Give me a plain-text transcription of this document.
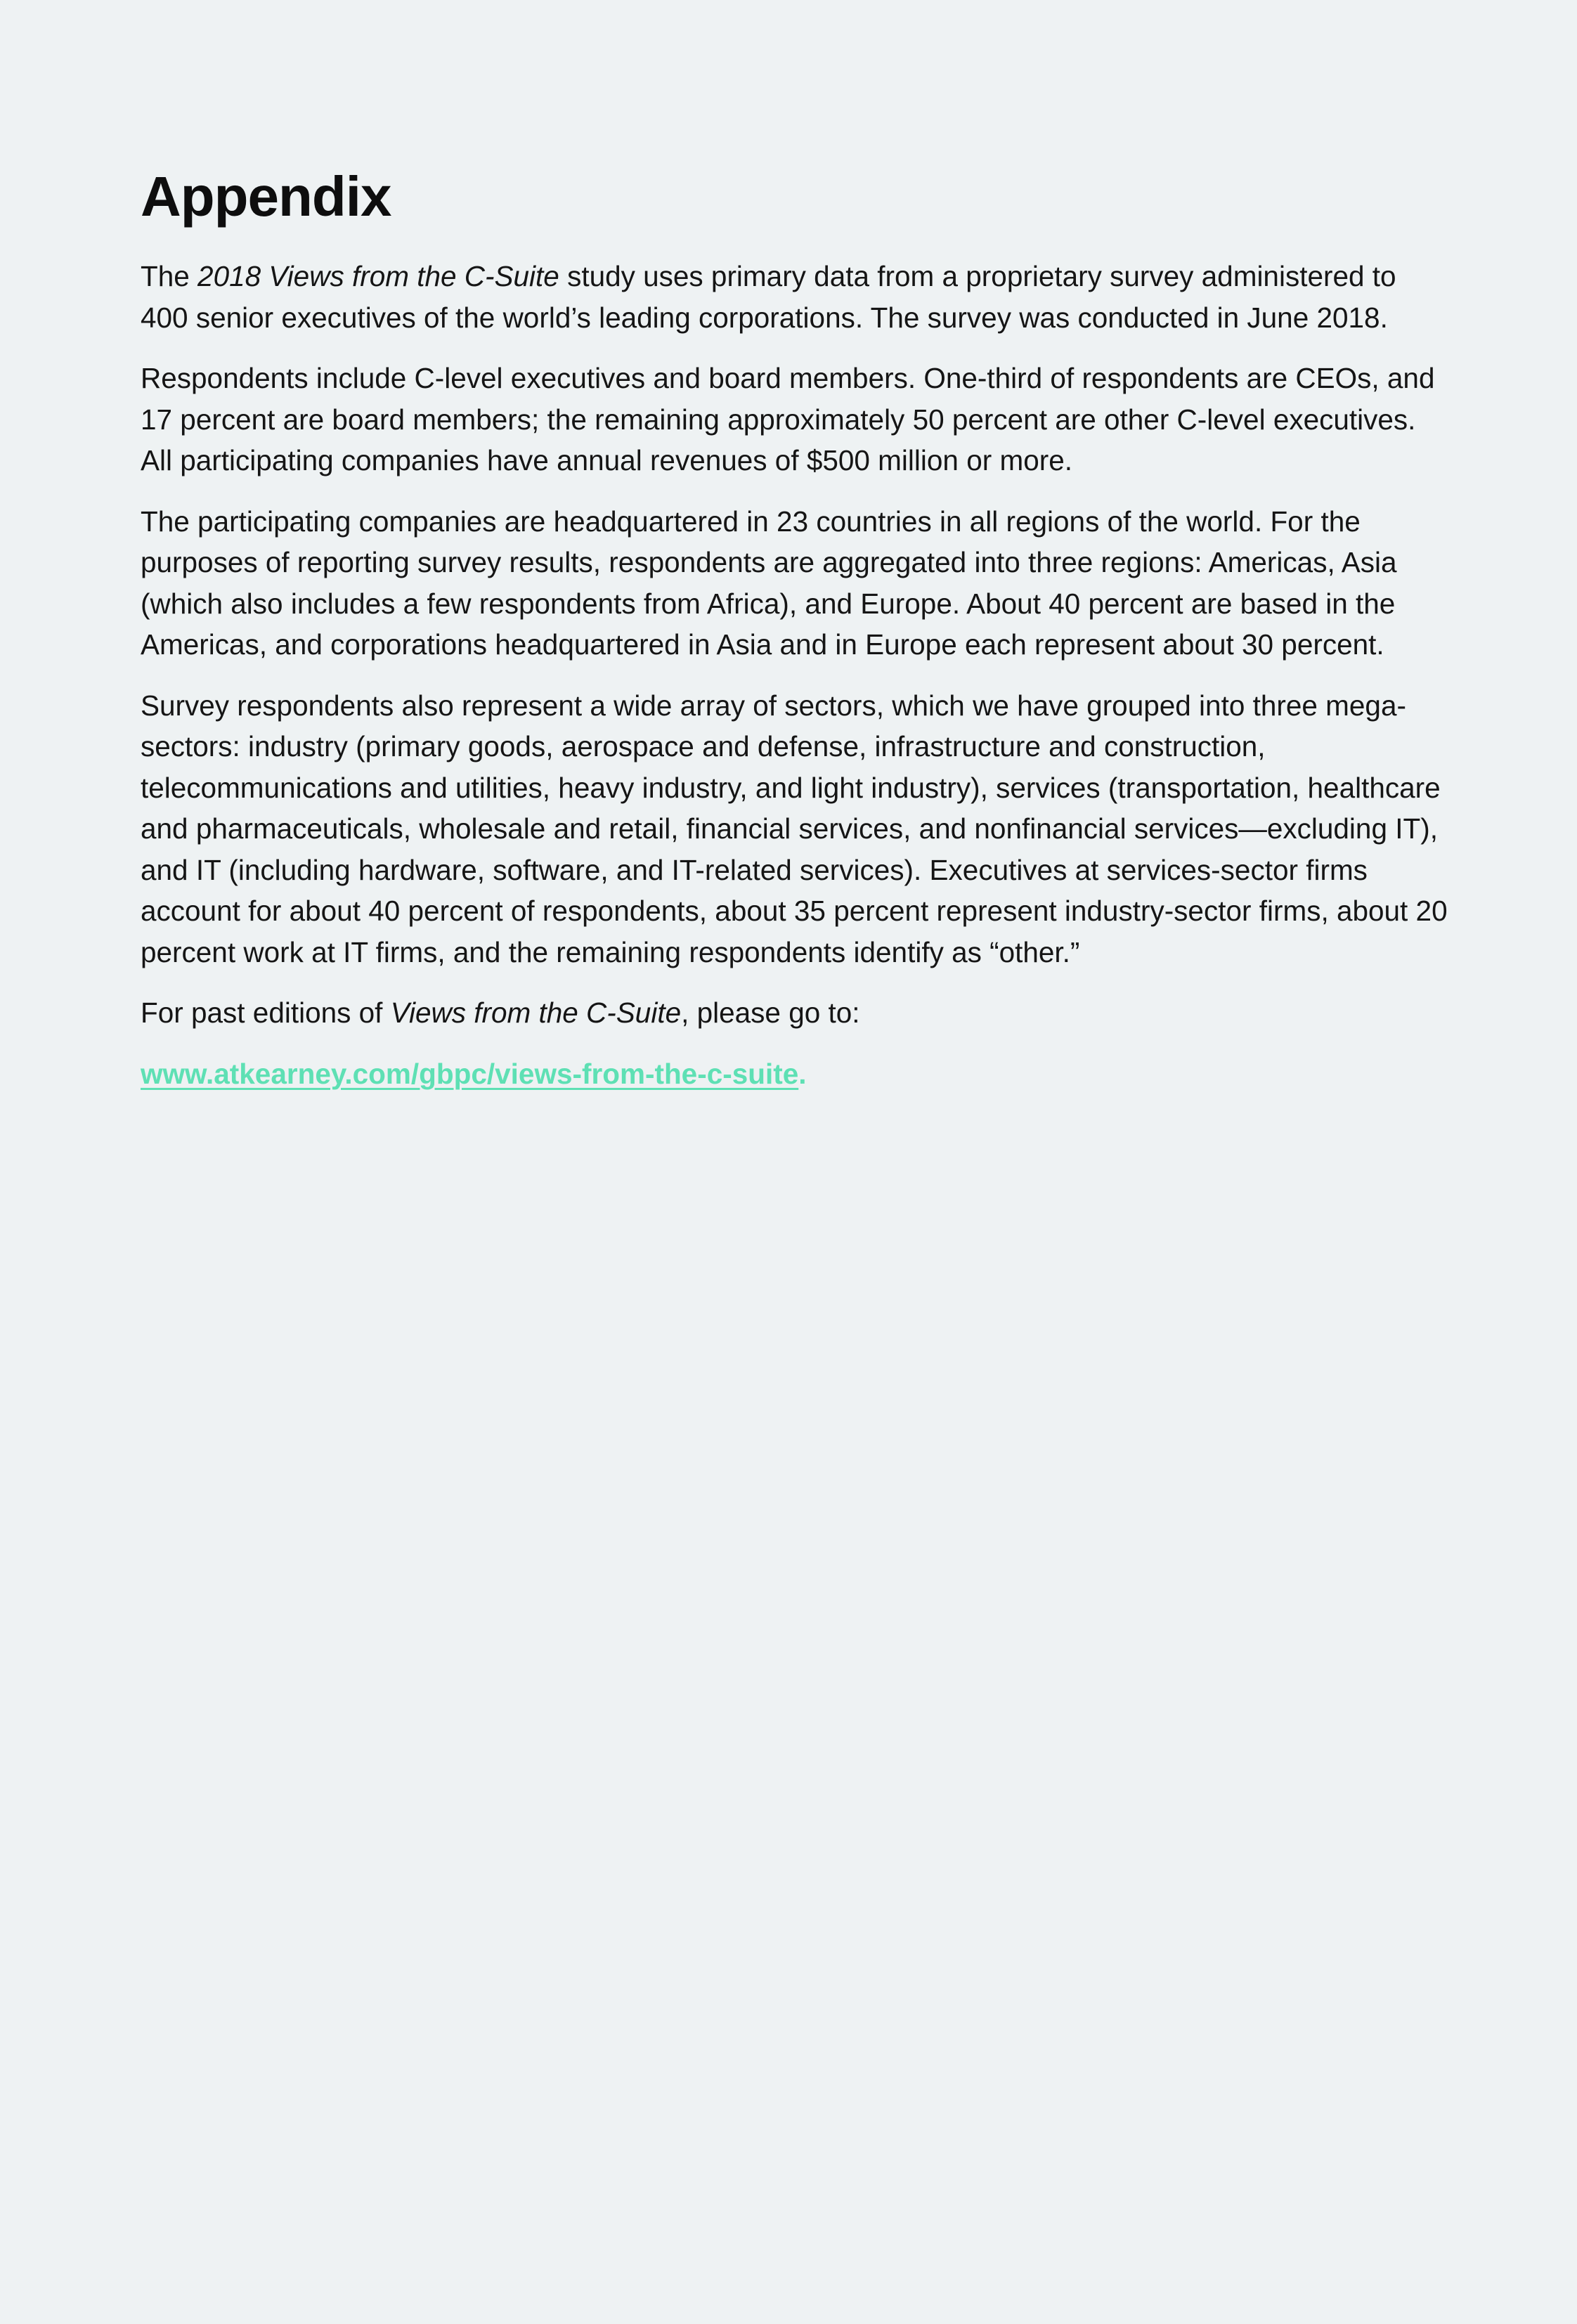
Appendix

The 2018 Views from the C-Suite study uses primary data from a proprietary survey administered to 400 senior executives of the world’s leading corporations. The survey was conducted in June 2018.

Respondents include C-level executives and board members. One-third of respondents are CEOs, and 17 percent are board members; the remaining approximately 50 percent are other C-level executives. All participating companies have annual revenues of $500 million or more.

The participating companies are headquartered in 23 countries in all regions of the world. For the purposes of reporting survey results, respondents are aggregated into three regions: Americas, Asia (which also includes a few respondents from Africa), and Europe. About 40 percent are based in the Americas, and corporations headquartered in Asia and in Europe each represent about 30 percent.

Survey respondents also represent a wide array of sectors, which we have grouped into three mega-sectors: industry (primary goods, aerospace and defense, infrastructure and construction, telecommunications and utilities, heavy industry, and light industry), services (transportation, healthcare and pharmaceuticals, wholesale and retail, financial services, and nonfinancial services—excluding IT), and IT (including hardware, software, and IT-related services). Executives at services-sector firms account for about 40 percent of respondents, about 35 percent represent industry-sector firms, about 20 percent work at IT firms, and the remaining respondents identify as “other.”

For past editions of Views from the C-Suite, please go to:

www.atkearney.com/gbpc/views-from-the-c-suite.
